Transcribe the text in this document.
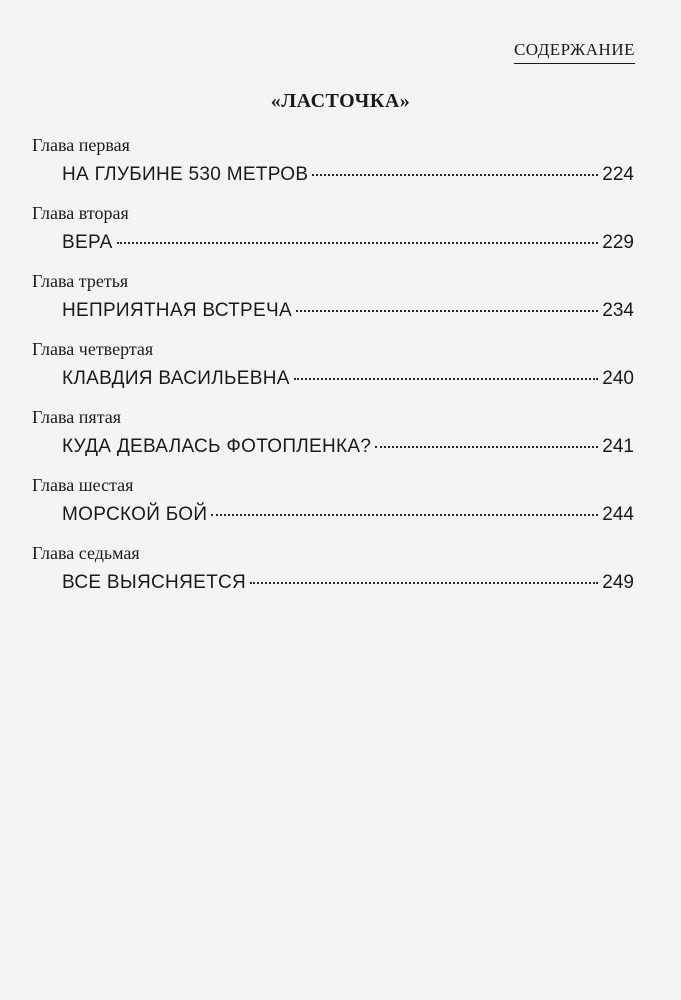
СОДЕРЖАНИЕ
«ЛАСТОЧКА»
Глава первая
НА ГЛУБИНЕ 530 МЕТРОВ	224
Глава вторая
ВЕРА	229
Глава третья
НЕПРИЯТНАЯ ВСТРЕЧА	234
Глава четвертая
КЛАВДИЯ ВАСИЛЬЕВНА	240
Глава пятая
КУДА ДЕВАЛАСЬ ФОТОПЛЕНКА?	241
Глава шестая
МОРСКОЙ БОЙ	244
Глава седьмая
ВСЕ ВЫЯСНЯЕТСЯ	249
